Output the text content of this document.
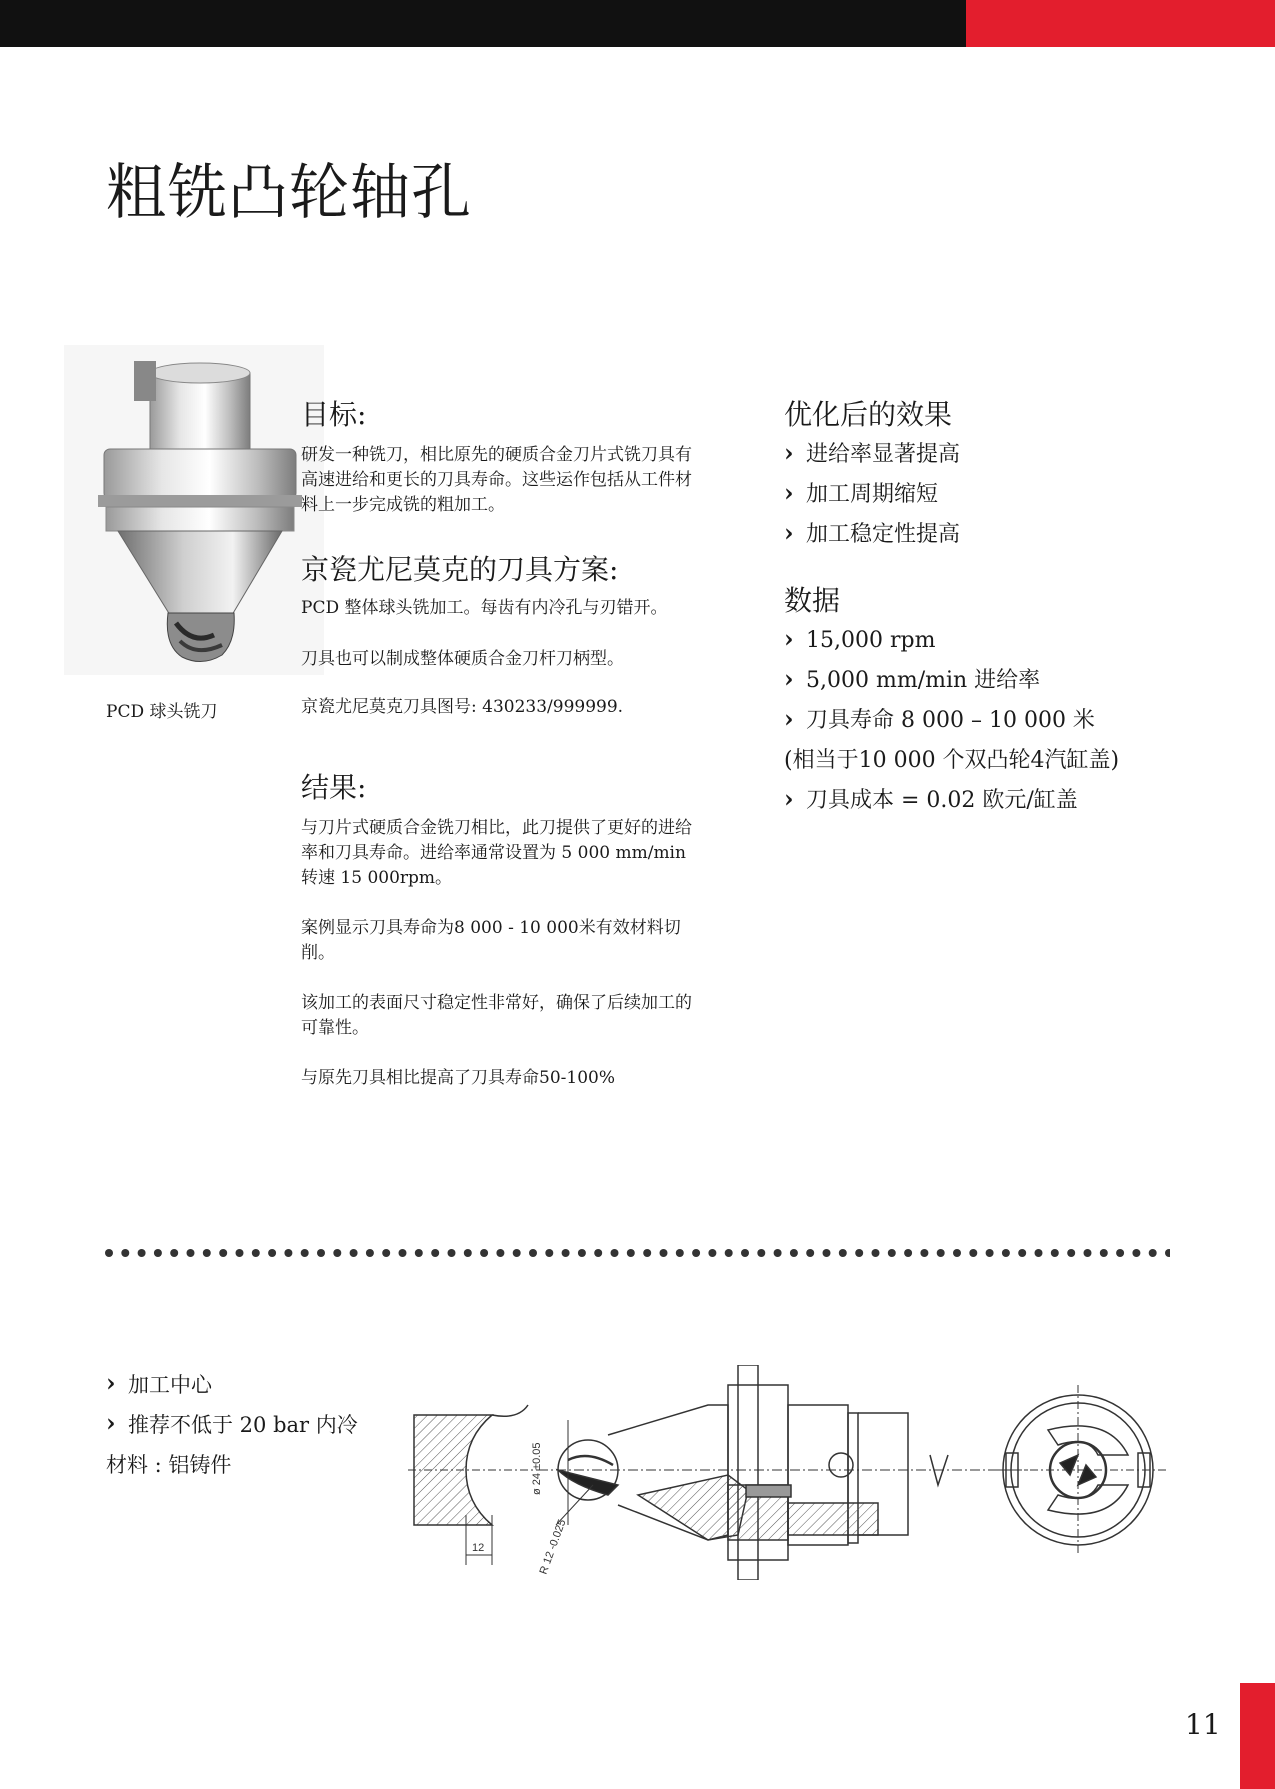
粗铣凸轮轴孔
PCD 球头铣刀
目标:

研发一种铣刀，相比原先的硬质合金刀片式铣刀具有

高速进给和更长的刀具寿命。这些运作包括从工件材

料上一步完成铣的粗加工。

京瓷尤尼莫克的刀具方案:

PCD 整体球头铣加工。每齿有内冷孔与刃错开。

刀具也可以制成整体硬质合金刀杆刀柄型。

京瓷尤尼莫克刀具图号: 430233/999999.

结果:

与刀片式硬质合金铣刀相比，此刀提供了更好的进给

率和刀具寿命。进给率通常设置为 5 000 mm/min

转速 15 000rpm。

案例显示刀具寿命为8 000 - 10 000米有效材料切

削。

该加工的表面尺寸稳定性非常好，确保了后续加工的

可靠性。

与原先刀具相比提高了刀具寿命50-100%

优化后的效果
› 进给率显著提高
› 加工周期缩短
› 加工稳定性提高
数据
› 15,000 rpm
› 5,000 mm/min 进给率
› 刀具寿命 8 000 – 10 000 米
(相当于10 000 个双凸轮4汽缸盖)
› 刀具成本 = 0.02 欧元/缸盖
› 加工中心
› 推荐不低于 20 bar 内冷
材料 : 铝铸件
12
ø 24 ±0.05
R 12 -0.025
11
